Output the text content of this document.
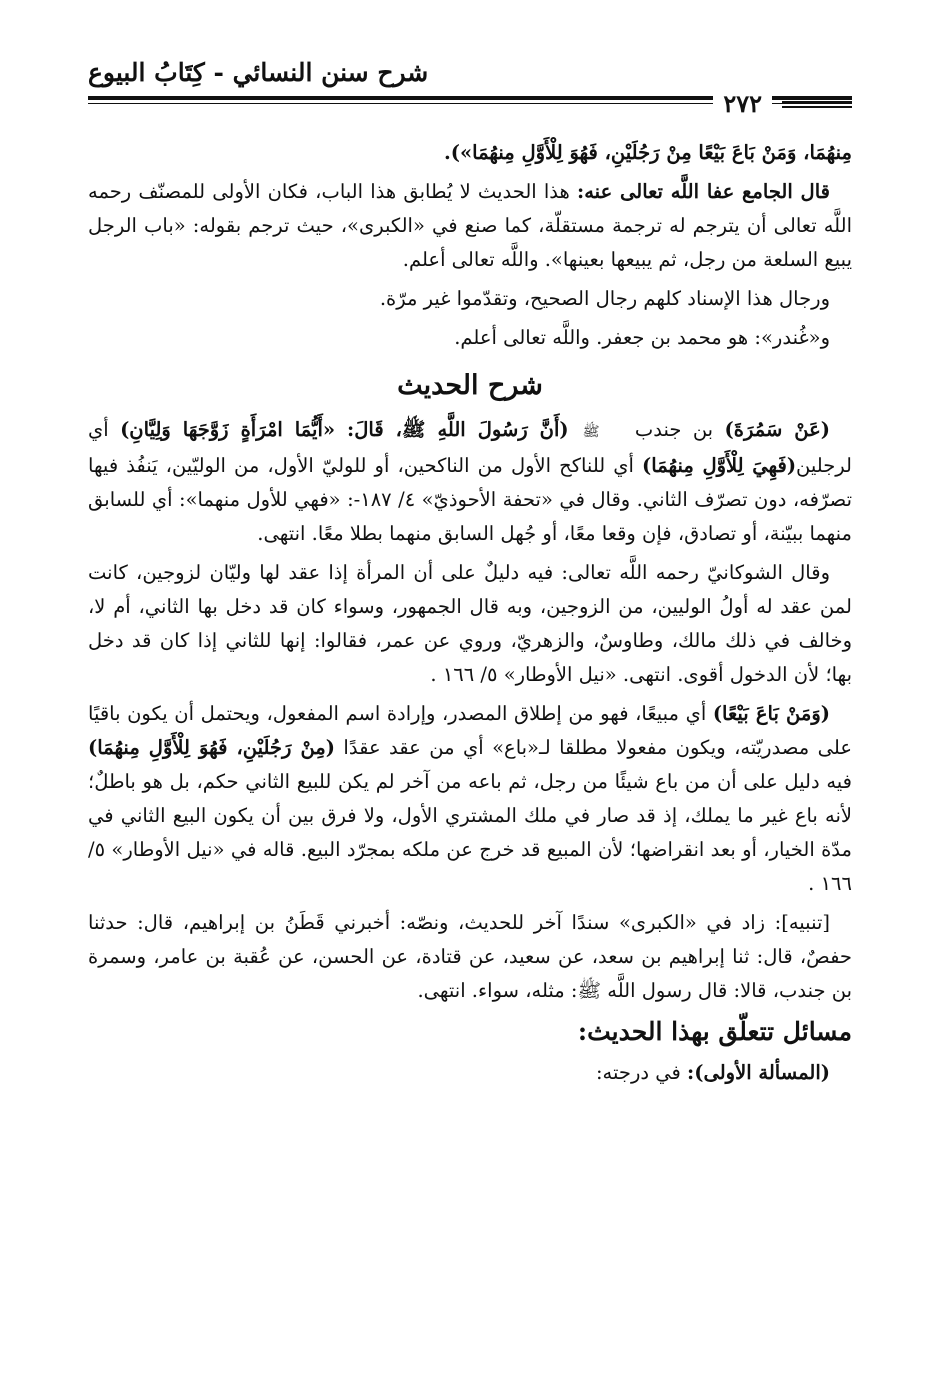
شرح سنن النسائي - كِتَابُ البيوع
٢٧٢

مِنهُمَا، وَمَنْ بَاعَ بَيْعًا مِنْ رَجُلَيْنِ، فَهُوَ لِلْأَوَّلِ مِنهُمَا»).

قال الجامع عفا اللَّه تعالى عنه: هذا الحديث لا يُطابق هذا الباب، فكان الأولى للمصنّف رحمه اللَّه تعالى أن يترجم له ترجمة مستقلّة، كما صنع في «الكبرى»، حيث ترجم بقوله: «باب الرجل يبيع السلعة من رجل، ثم يبيعها بعينها». واللَّه تعالى أعلم.

ورجال هذا الإسناد كلهم رجال الصحيح، وتقدّموا غير مرّة.

و«غُندر»: هو محمد بن جعفر. واللَّه تعالى أعلم.

شرح الحديث

(عَنْ سَمُرَةَ) بن جندب ﷺ (أَنَّ رَسُولَ اللَّهِ ﷺ، قَالَ: «أَيُّمَا امْرَأَةٍ زَوَّجَهَا وَلِيَّانِ) أي لرجلين(فَهِيَ لِلْأَوَّلِ مِنهُمَا) أي للناكح الأول من الناكحين، أو للوليّ الأول، من الوليّين، يَنفُذ فيها تصرّفه، دون تصرّف الثاني. وقال في «تحفة الأحوذيّ» ٤/ ١٨٧-: «فهي للأول منهما»: أي للسابق منهما ببيّنة، أو تصادق، فإن وقعا معًا، أو جُهل السابق منهما بطلا معًا. انتهى.

وقال الشوكانيّ رحمه اللَّه تعالى: فيه دليلٌ على أن المرأة إذا عقد لها وليّان لزوجين، كانت لمن عقد له أولُ الوليين، من الزوجين، وبه قال الجمهور، وسواء كان قد دخل بها الثاني، أم لا، وخالف في ذلك مالك، وطاوسٌ، والزهريّ، وروي عن عمر، فقالوا: إنها للثاني إذا كان قد دخل بها؛ لأن الدخول أقوى. انتهى. «نيل الأوطار» ٥/ ١٦٦ .

(وَمَنْ بَاعَ بَيْعًا) أي مبيعًا، فهو من إطلاق المصدر، وإرادة اسم المفعول، ويحتمل أن يكون باقيًا على مصدريّته، ويكون مفعولا مطلقا لـ«باع» أي من عقد عقدًا (مِنْ رَجُلَيْنِ، فَهُوَ لِلْأَوَّلِ مِنهُمَا) فيه دليل على أن من باع شيئًا من رجل، ثم باعه من آخر لم يكن للبيع الثاني حكم، بل هو باطلٌ؛ لأنه باع غير ما يملك، إذ قد صار في ملك المشتري الأول، ولا فرق بين أن يكون البيع الثاني في مدّة الخيار، أو بعد انقراضها؛ لأن المبيع قد خرج عن ملكه بمجرّد البيع. قاله في «نيل الأوطار» ٥/ ١٦٦ .

[تنبيه]: زاد في «الكبرى» سندًا آخر للحديث، ونصّه: أخبرني قَطَنُ بن إبراهيم، قال: حدثنا حفصٌ، قال: ثنا إبراهيم بن سعد، عن سعيد، عن قتادة، عن الحسن، عن عُقبة بن عامر، وسمرة بن جندب، قالا: قال رسول اللَّه ﷺ: مثله، سواء. انتهى.

مسائل تتعلّق بهذا الحديث:

(المسألة الأولى): في درجته:
